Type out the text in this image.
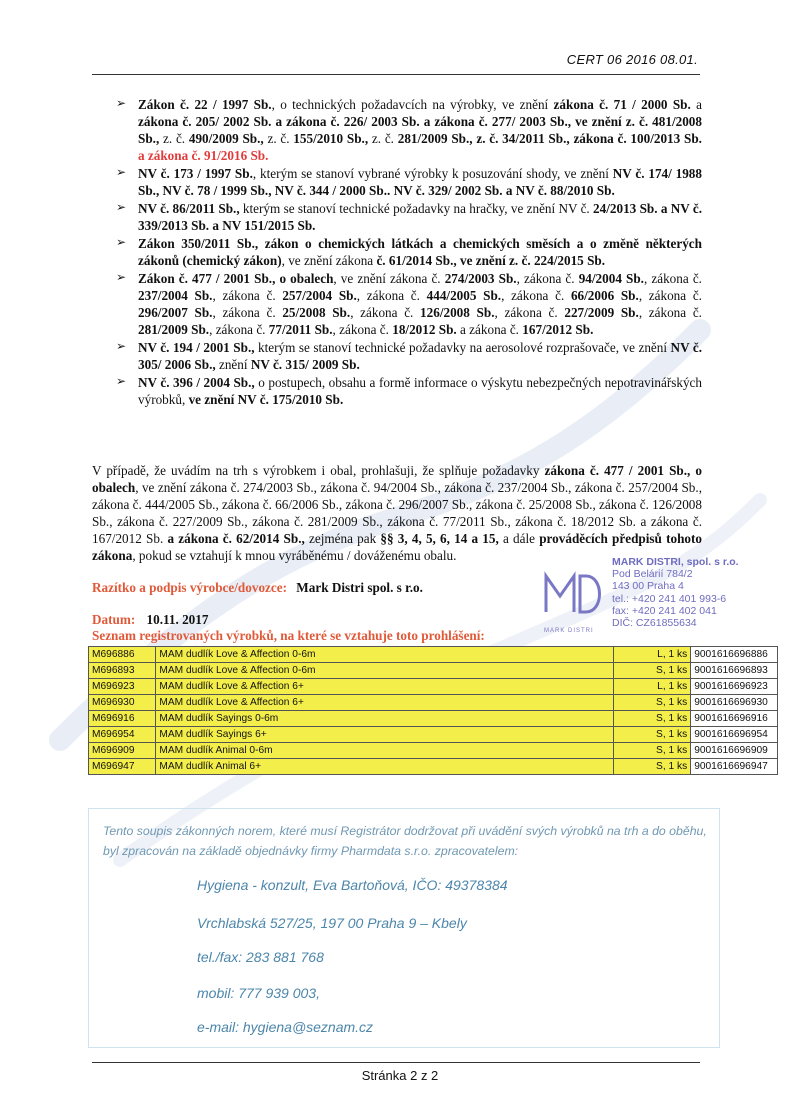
CERT 06 2016 08.01.
➢ Zákon č. 22 / 1997 Sb., o technických požadavcích na výrobky, ve znění zákona č. 71 / 2000 Sb. a zákona č. 205/ 2002 Sb. a zákona č. 226/ 2003 Sb. a zákona č. 277/ 2003 Sb., ve znění z. č. 481/2008 Sb., z. č. 490/2009 Sb., z. č. 155/2010 Sb., z. č. 281/2009 Sb., z. č. 34/2011 Sb., zákona č. 100/2013 Sb. a zákona č. 91/2016 Sb.
➢ NV č. 173 / 1997 Sb., kterým se stanoví vybrané výrobky k posuzování shody, ve znění NV č. 174/ 1988 Sb., NV č. 78 / 1999 Sb., NV č. 344 / 2000 Sb.. NV č. 329/ 2002 Sb. a NV č. 88/2010 Sb.
➢ NV č. 86/2011 Sb., kterým se stanoví technické požadavky na hračky, ve znění NV č. 24/2013 Sb. a NV č. 339/2013 Sb. a NV 151/2015 Sb.
➢ Zákon 350/2011 Sb., zákon o chemických látkách a chemických směsích a o změně některých zákonů (chemický zákon), ve znění zákona č. 61/2014 Sb., ve znění z. č. 224/2015 Sb.
➢ Zákon č. 477 / 2001 Sb., o obalech, ve znění zákona č. 274/2003 Sb., zákona č. 94/2004 Sb., zákona č. 237/2004 Sb., zákona č. 257/2004 Sb., zákona č. 444/2005 Sb., zákona č. 66/2006 Sb., zákona č. 296/2007 Sb., zákona č. 25/2008 Sb., zákona č. 126/2008 Sb., zákona č. 227/2009 Sb., zákona č. 281/2009 Sb., zákona č. 77/2011 Sb., zákona č. 18/2012 Sb. a zákona č. 167/2012 Sb.
➢ NV č. 194 / 2001 Sb., kterým se stanoví technické požadavky na aerosolové rozprašovače, ve znění NV č. 305/ 2006 Sb., znění NV č. 315/ 2009 Sb.
➢ NV č. 396 / 2004 Sb., o postupech, obsahu a formě informace o výskytu nebezpečných nepotravinářských výrobků, ve znění NV č. 175/2010 Sb.

V případě, že uvádím na trh s výrobkem i obal, prohlašuji, že splňuje požadavky zákona č. 477 / 2001 Sb., o obalech, ve znění zákona č. 274/2003 Sb., zákona č. 94/2004 Sb., zákona č. 237/2004 Sb., zákona č. 257/2004 Sb., zákona č. 444/2005 Sb., zákona č. 66/2006 Sb., zákona č. 296/2007 Sb., zákona č. 25/2008 Sb., zákona č. 126/2008 Sb., zákona č. 227/2009 Sb., zákona č. 281/2009 Sb., zákona č. 77/2011 Sb., zákona č. 18/2012 Sb. a zákona č. 167/2012 Sb. a zákona č. 62/2014 Sb., zejména pak §§ 3, 4, 5, 6, 14 a 15, a dále prováděcích předpisů tohoto zákona, pokud se vztahují k mnou vyráběnému / dováženému obalu.

Razítko a podpis výrobce/dovozce: Mark Distri spol. s r.o.
MARK DISTRI
MARK DISTRI, spol. s r.o.
Pod Belárií 784/2
143 00 Praha 4
tel.: +420 241 401 993-6
fax: +420 241 402 041
DIČ: CZ61855634
Datum: 10.11. 2017
Seznam registrovaných výrobků, na které se vztahuje toto prohlášení:
M696886	MAM dudlík Love & Affection 0-6m	L, 1 ks	9001616696886
M696893	MAM dudlík Love & Affection 0-6m	S, 1 ks	9001616696893
M696923	MAM dudlík Love & Affection 6+	L, 1 ks	9001616696923
M696930	MAM dudlík Love & Affection 6+	S, 1 ks	9001616696930
M696916	MAM dudlík Sayings 0-6m	S, 1 ks	9001616696916
M696954	MAM dudlík Sayings 6+	S, 1 ks	9001616696954
M696909	MAM dudlík Animal 0-6m	S, 1 ks	9001616696909
M696947	MAM dudlík Animal 6+	S, 1 ks	9001616696947

Tento soupis zákonných norem, které musí Registrátor dodržovat při uvádění svých výrobků na trh a do oběhu, byl zpracován na základě objednávky firmy Pharmdata s.r.o. zpracovatelem:

Hygiena - konzult, Eva Bartoňová, IČO: 49378384
Vrchlabská 527/25, 197 00 Praha 9 – Kbely
tel./fax: 283 881 768
mobil: 777 939 003,
e-mail: hygiena@seznam.cz
Stránka 2 z 2
